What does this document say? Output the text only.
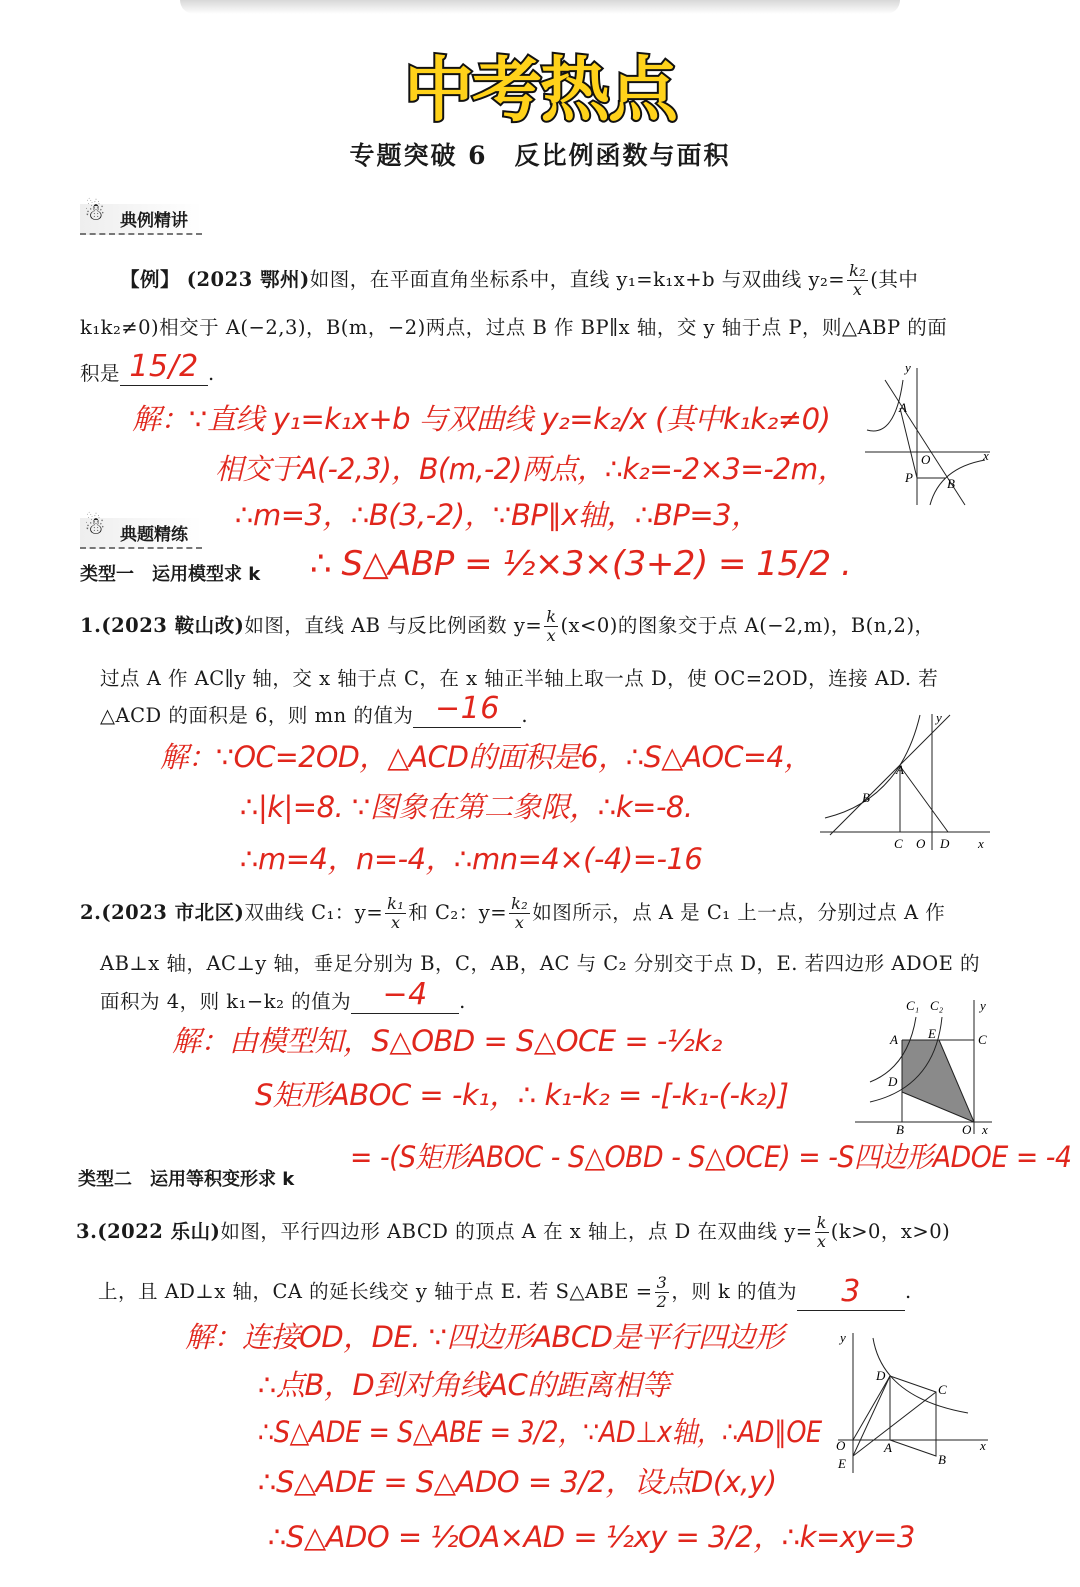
中考热点
专题突破 6　反比例函数与面积
☃ 典例精讲
【例】 (2023 鄂州)如图，在平面直角坐标系中，直线 y₁=k₁x+b 与双曲线 $y_2= \frac{\text{k₂}}{x}$ (其中
k₁k₂≠0)相交于 A(−2,3)，B(m，−2)两点，过点 B 作 BP∥x 轴，交 y 轴于点 P，则△ABP 的面
积是 15/2 .
解：∵直线 y₁=k₁x+b 与双曲线 y₂=k₂/x (其中k₁k₂≠0)
相交于A(-2,3)，B(m,-2)两点，∴k₂=-2×3=-2m，
∴m=3，∴B(3,-2)，∵BP∥x轴，∴BP=3，
∴ S△ABP = ½×3×(3+2) = 15/2 .
y
A
O	x
P	B
☃ 典题精练
类型一　运用模型求 k
1.(2023 鞍山改)如图，直线 AB 与反比例函数 $y= \frac{k}{x} (x<0)$的图象交于点 A(−2,m)，B(n,2)，
过点 A 作 AC∥y 轴，交 x 轴于点 C，在 x 轴正半轴上取一点 D，使 OC=2OD，连接 AD. 若
△ACD 的面积是 6，则 mn 的值为 −16	.
解：∵OC=2OD，△ACD的面积是6，∴S△AOC=4，
∴|k|=8. ∵图象在第二象限，∴k=-8.
∴m=4，n=-4，∴mn=4×(-4)=-16
y
A
B
C O D x
2.(2023 市北区)双曲线 C₁：$y= \frac{\text{k₁}}{x}$ 和 C₂：$y= \frac{\text{k₂}}{x}$ 如图所示，点 A 是 C₁ 上一点，分别过点 A 作
AB⊥x 轴，AC⊥y 轴，垂足分别为 B，C，AB，AC 与 C₂ 分别交于点 D，E. 若四边形 ADOE 的
面积为 4，则 k₁−k₂ 的值为	−4	.
解：由模型知，S△OBD = S△OCE = -½k₂
S矩形ABOC = -k₁，∴ k₁-k₂ = -[-k₁-(-k₂)]
= -(S矩形ABOC - S△OBD - S△OCE) = -S四边形ADOE = -4
C₁ C₂	y
A E	C
D
B	O x
类型二　运用等积变形求 k
3.(2022 乐山)如图，平行四边形 ABCD 的顶点 A 在 x 轴上，点 D 在双曲线 $y= \frac{k}{x} (k>0$，x>0)
上，且 AD⊥x 轴，CA 的延长线交 y 轴于点 E. 若 S△ABE = $\frac{3}{2}$ ，则 k 的值为	3	.
解：连接OD，DE. ∵四边形ABCD是平行四边形
∴点B，D到对角线AC的距离相等
∴S△ADE = S△ABE = 3/2，∵AD⊥x轴，∴AD∥OE
∴S△ADE = S△ADO = 3/2，设点D(x,y)
∴S△ADO = ½OA×AD = ½xy = 3/2，∴k=xy=3
y
D
C
O	A	x
E	B
